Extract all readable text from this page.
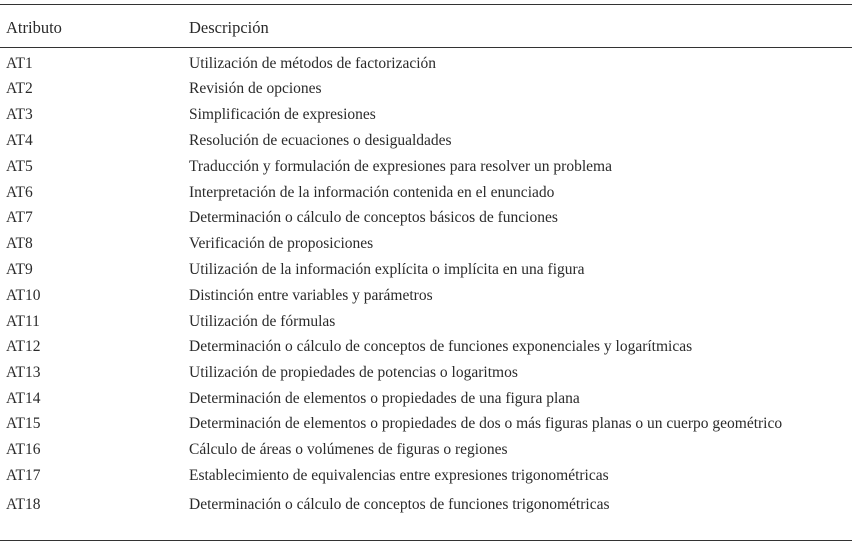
Atributo	Descripción
AT1	Utilización de métodos de factorización
AT2	Revisión de opciones
AT3	Simplificación de expresiones
AT4	Resolución de ecuaciones o desigualdades
AT5	Traducción y formulación de expresiones para resolver un problema
AT6	Interpretación de la información contenida en el enunciado
AT7	Determinación o cálculo de conceptos básicos de funciones
AT8	Verificación de proposiciones
AT9	Utilización de la información explícita o implícita en una figura
AT10	Distinción entre variables y parámetros
AT11	Utilización de fórmulas
AT12	Determinación o cálculo de conceptos de funciones exponenciales y logarítmicas
AT13	Utilización de propiedades de potencias o logaritmos
AT14	Determinación de elementos o propiedades de una figura plana
AT15	Determinación de elementos o propiedades de dos o más figuras planas o un cuerpo geométrico
AT16	Cálculo de áreas o volúmenes de figuras o regiones
AT17	Establecimiento de equivalencias entre expresiones trigonométricas
AT18	Determinación o cálculo de conceptos de funciones trigonométricas
